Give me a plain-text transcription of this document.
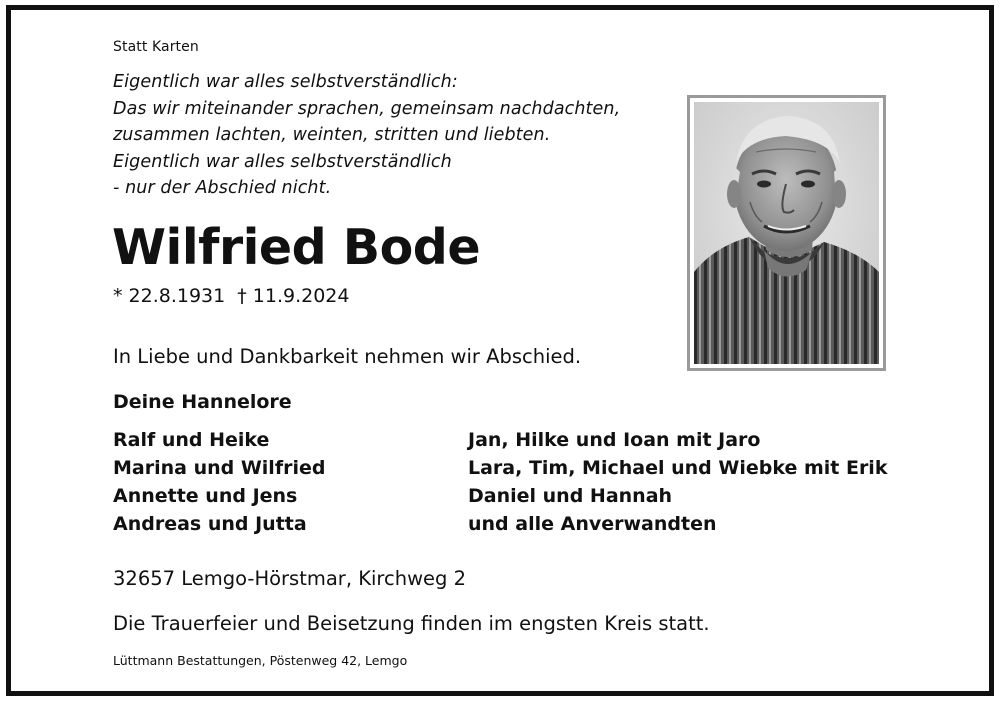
Statt Karten
Eigentlich war alles selbstverständlich:
Das wir miteinander sprachen, gemeinsam nachdachten,
zusammen lachten, weinten, stritten und liebten.
Eigentlich war alles selbstverständlich
- nur der Abschied nicht.
Wilfried Bode
* 22.8.1931 † 11.9.2024
In Liebe und Dankbarkeit nehmen wir Abschied.
Deine Hannelore
Ralf und Heike
Marina und Wilfried
Annette und Jens
Andreas und Jutta
Jan, Hilke und Ioan mit Jaro
Lara, Tim, Michael und Wiebke mit Erik
Daniel und Hannah
und alle Anverwandten
32657 Lemgo-Hörstmar, Kirchweg 2
Die Trauerfeier und Beisetzung finden im engsten Kreis statt.
Lüttmann Bestattungen, Pöstenweg 42, Lemgo
